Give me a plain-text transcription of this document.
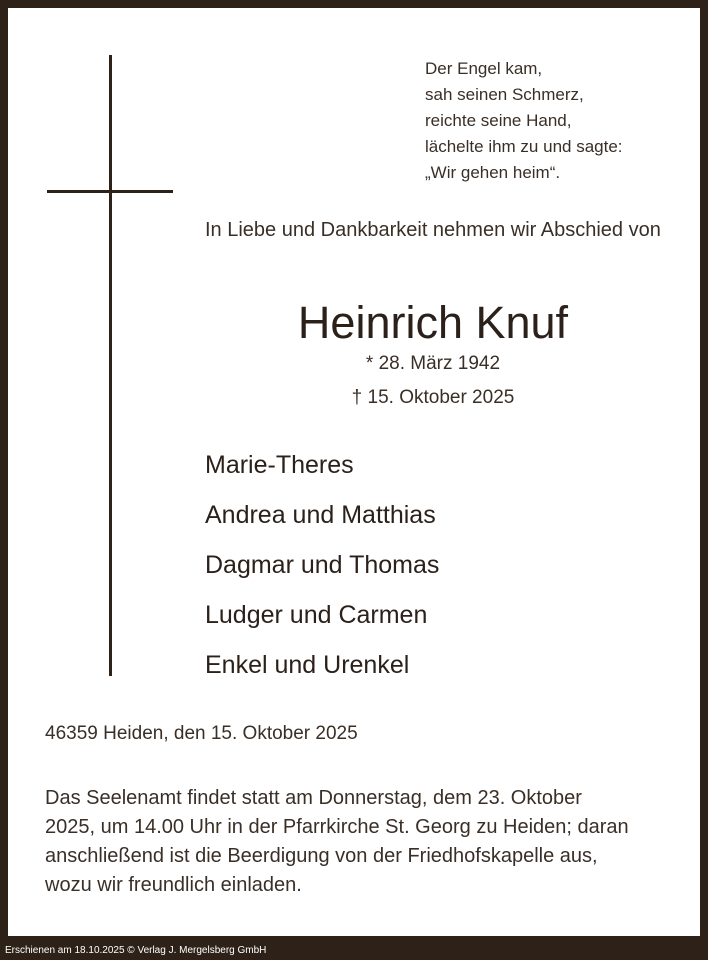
Der Engel kam,
sah seinen Schmerz,
reichte seine Hand,
lächelte ihm zu und sagte:
„Wir gehen heim“.
In Liebe und Dankbarkeit nehmen wir Abschied von
Heinrich Knuf
* 28. März 1942
† 15. Oktober 2025
Marie-Theres
Andrea und Matthias
Dagmar und Thomas
Ludger und Carmen
Enkel und Urenkel
46359 Heiden, den 15. Oktober 2025
Das Seelenamt findet statt am Donnerstag, dem 23. Oktober
2025, um 14.00 Uhr in der Pfarrkirche St. Georg zu Heiden; daran
anschließend ist die Beerdigung von der Friedhofskapelle aus,
wozu wir freundlich einladen.
Erschienen am 18.10.2025 © Verlag J. Mergelsberg GmbH
